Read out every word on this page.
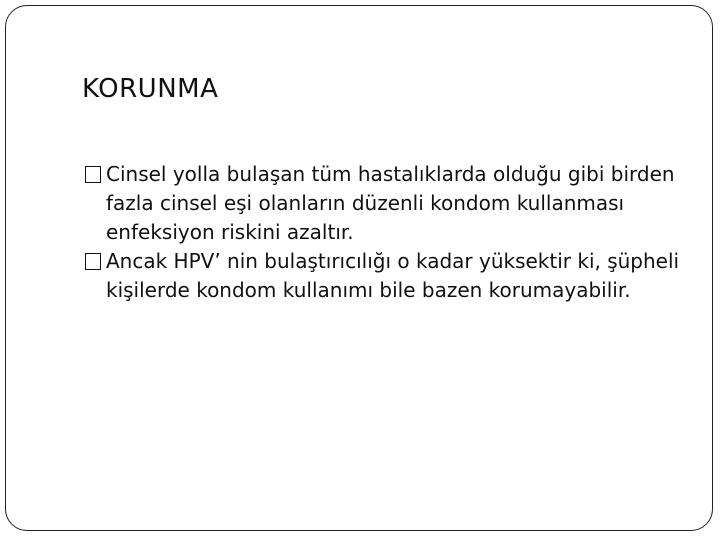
KORUNMA

Cinsel yolla bulaşan tüm hastalıklarda olduğu gibi birden fazla cinsel eşi olanların düzenli kondom kullanması enfeksiyon riskini azaltır.

Ancak HPV’ nin bulaştırıcılığı o kadar yüksektir ki, şüpheli kişilerde kondom kullanımı bile bazen korumayabilir.
